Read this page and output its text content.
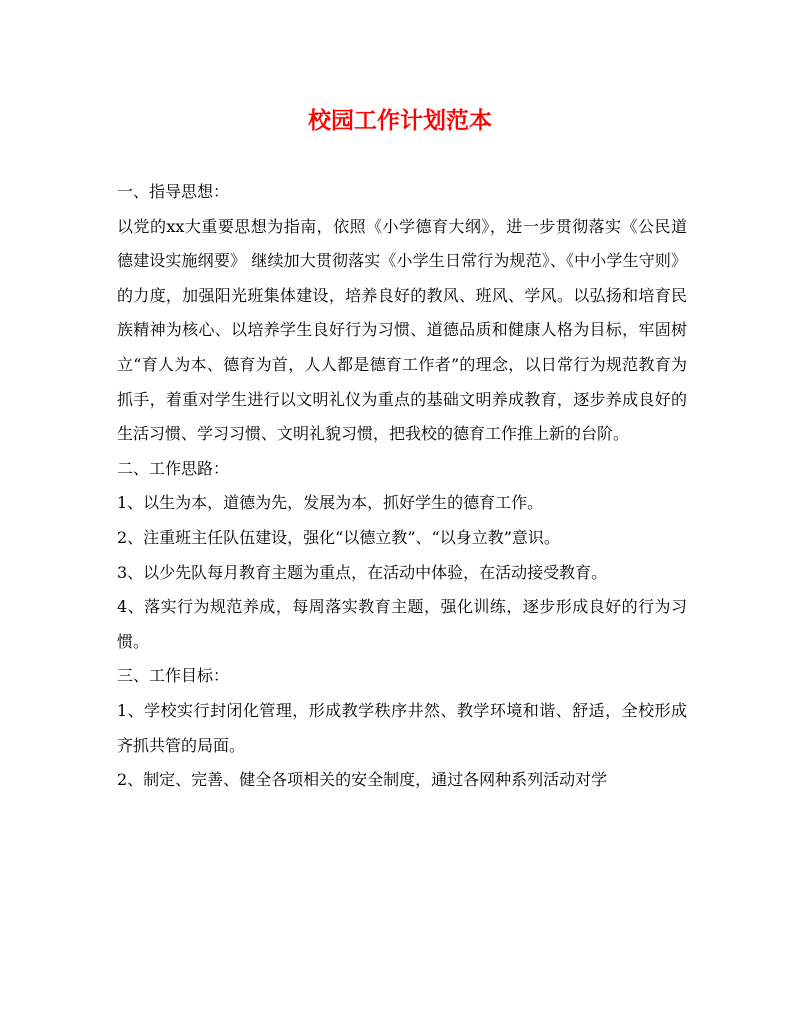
校园工作计划范本

一、指导思想：

以党的xx大重要思想为指南，依照《小学德育大纲》，进一步贯彻落实《公民道德建设实施纲要》 继续加大贯彻落实《小学生日常行为规范》、《中小学生守则》的力度，加强阳光班集体建设，培养良好的教风、班风、学风。以弘扬和培育民族精神为核心、以培养学生良好行为习惯、道德品质和健康人格为目标，牢固树立“育人为本、德育为首，人人都是德育工作者”的理念，以日常行为规范教育为抓手，着重对学生进行以文明礼仪为重点的基础文明养成教育，逐步养成良好的生活习惯、学习习惯、文明礼貌习惯，把我校的德育工作推上新的台阶。

二、工作思路：

1、以生为本，道德为先，发展为本，抓好学生的德育工作。

2、注重班主任队伍建设，强化“以德立教”、“以身立教”意识。

3、以少先队每月教育主题为重点，在活动中体验，在活动接受教育。

4、落实行为规范养成，每周落实教育主题，强化训练，逐步形成良好的行为习惯。

三、工作目标：

1、学校实行封闭化管理，形成教学秩序井然、教学环境和谐、舒适，全校形成齐抓共管的局面。

2、制定、完善、健全各项相关的安全制度，通过各网种系列活动对学
